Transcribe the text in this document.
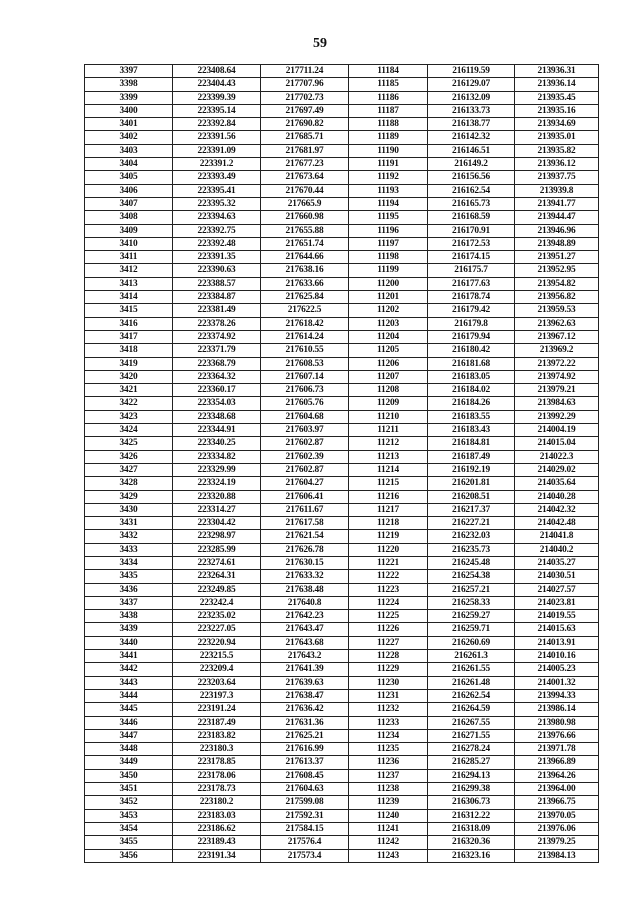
59
3397	223408.64	217711.24	11184	216119.59	213936.31
3398	223404.43	217707.96	11185	216129.07	213936.14
3399	223399.39	217702.73	11186	216132.09	213935.45
3400	223395.14	217697.49	11187	216133.73	213935.16
3401	223392.84	217690.82	11188	216138.77	213934.69
3402	223391.56	217685.71	11189	216142.32	213935.01
3403	223391.09	217681.97	11190	216146.51	213935.82
3404	223391.2	217677.23	11191	216149.2	213936.12
3405	223393.49	217673.64	11192	216156.56	213937.75
3406	223395.41	217670.44	11193	216162.54	213939.8
3407	223395.32	217665.9	11194	216165.73	213941.77
3408	223394.63	217660.98	11195	216168.59	213944.47
3409	223392.75	217655.88	11196	216170.91	213946.96
3410	223392.48	217651.74	11197	216172.53	213948.89
3411	223391.35	217644.66	11198	216174.15	213951.27
3412	223390.63	217638.16	11199	216175.7	213952.95
3413	223388.57	217633.66	11200	216177.63	213954.82
3414	223384.87	217625.84	11201	216178.74	213956.82
3415	223381.49	217622.5	11202	216179.42	213959.53
3416	223378.26	217618.42	11203	216179.8	213962.63
3417	223374.92	217614.24	11204	216179.94	213967.12
3418	223371.79	217610.55	11205	216180.42	213969.2
3419	223368.79	217608.53	11206	216181.68	213972.22
3420	223364.32	217607.14	11207	216183.05	213974.92
3421	223360.17	217606.73	11208	216184.02	213979.21
3422	223354.03	217605.76	11209	216184.26	213984.63
3423	223348.68	217604.68	11210	216183.55	213992.29
3424	223344.91	217603.97	11211	216183.43	214004.19
3425	223340.25	217602.87	11212	216184.81	214015.04
3426	223334.82	217602.39	11213	216187.49	214022.3
3427	223329.99	217602.87	11214	216192.19	214029.02
3428	223324.19	217604.27	11215	216201.81	214035.64
3429	223320.88	217606.41	11216	216208.51	214040.28
3430	223314.27	217611.67	11217	216217.37	214042.32
3431	223304.42	217617.58	11218	216227.21	214042.48
3432	223298.97	217621.54	11219	216232.03	214041.8
3433	223285.99	217626.78	11220	216235.73	214040.2
3434	223274.61	217630.15	11221	216245.48	214035.27
3435	223264.31	217633.32	11222	216254.38	214030.51
3436	223249.85	217638.48	11223	216257.21	214027.57
3437	223242.4	217640.8	11224	216258.33	214023.81
3438	223235.02	217642.23	11225	216259.27	214019.55
3439	223227.05	217643.47	11226	216259.71	214015.63
3440	223220.94	217643.68	11227	216260.69	214013.91
3441	223215.5	217643.2	11228	216261.3	214010.16
3442	223209.4	217641.39	11229	216261.55	214005.23
3443	223203.64	217639.63	11230	216261.48	214001.32
3444	223197.3	217638.47	11231	216262.54	213994.33
3445	223191.24	217636.42	11232	216264.59	213986.14
3446	223187.49	217631.36	11233	216267.55	213980.98
3447	223183.82	217625.21	11234	216271.55	213976.66
3448	223180.3	217616.99	11235	216278.24	213971.78
3449	223178.85	217613.37	11236	216285.27	213966.89
3450	223178.06	217608.45	11237	216294.13	213964.26
3451	223178.73	217604.63	11238	216299.38	213964.00
3452	223180.2	217599.08	11239	216306.73	213966.75
3453	223183.03	217592.31	11240	216312.22	213970.05
3454	223186.62	217584.15	11241	216318.09	213976.06
3455	223189.43	217576.4	11242	216320.36	213979.25
3456	223191.34	217573.4	11243	216323.16	213984.13
